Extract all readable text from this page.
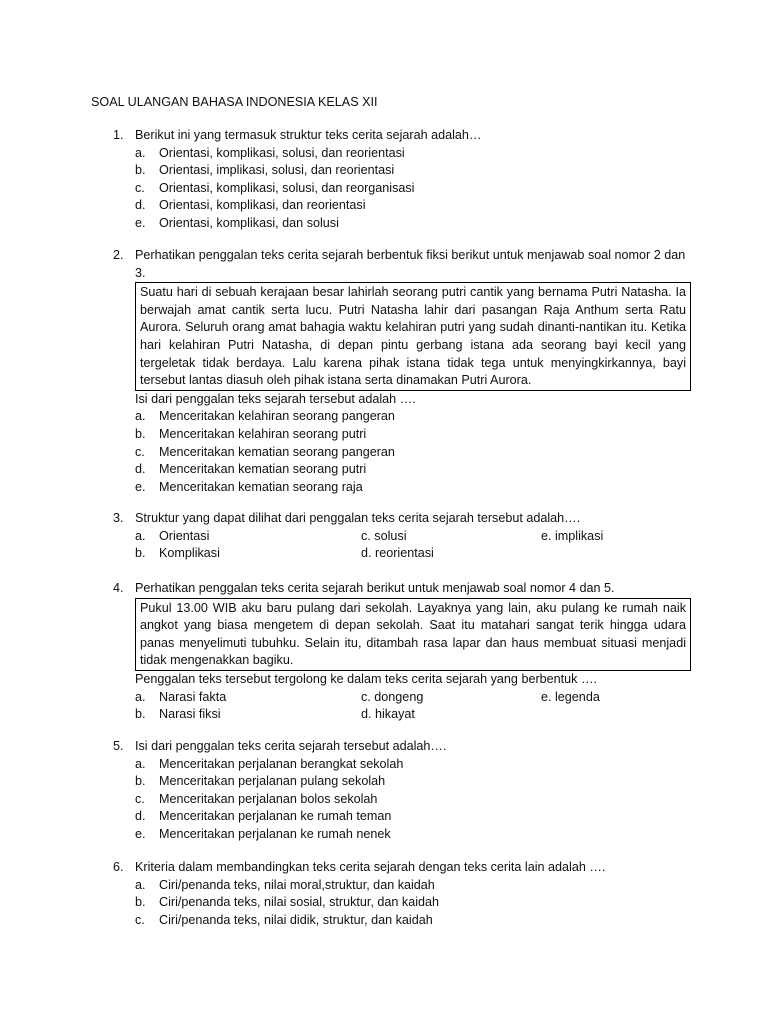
SOAL ULANGAN BAHASA INDONESIA KELAS XII
1. Berikut ini yang termasuk struktur teks cerita sejarah adalah…
a. Orientasi, komplikasi, solusi, dan reorientasi
b. Orientasi, implikasi, solusi, dan reorientasi
c. Orientasi, komplikasi, solusi, dan reorganisasi
d. Orientasi, komplikasi, dan reorientasi
e. Orientasi, komplikasi, dan solusi
2. Perhatikan penggalan teks cerita sejarah berbentuk fiksi berikut untuk menjawab soal nomor 2 dan 3.
Suatu hari di sebuah kerajaan besar lahirlah seorang putri cantik yang bernama Putri Natasha. Ia berwajah amat cantik serta lucu. Putri Natasha lahir dari pasangan Raja Anthum serta Ratu Aurora. Seluruh orang amat bahagia waktu kelahiran putri yang sudah dinanti-nantikan itu. Ketika hari kelahiran Putri Natasha, di depan pintu gerbang istana ada seorang bayi kecil yang tergeletak tidak berdaya. Lalu karena pihak istana tidak tega untuk menyingkirkannya, bayi tersebut lantas diasuh oleh pihak istana serta dinamakan Putri Aurora.
Isi dari penggalan teks sejarah tersebut adalah ….
a. Menceritakan kelahiran seorang pangeran
b. Menceritakan kelahiran seorang putri
c. Menceritakan kematian seorang pangeran
d. Menceritakan kematian seorang putri
e. Menceritakan kematian seorang raja
3. Struktur yang dapat dilihat dari penggalan teks cerita sejarah tersebut adalah….
a. Orientasi	c. solusi	e. implikasi
b. Komplikasi	d. reorientasi
4. Perhatikan penggalan teks cerita sejarah berikut untuk menjawab soal nomor 4 dan 5.
Pukul 13.00 WIB aku baru pulang dari sekolah. Layaknya yang lain, aku pulang ke rumah naik angkot yang biasa mengetem di depan sekolah. Saat itu matahari sangat terik hingga udara panas menyelimuti tubuhku. Selain itu, ditambah rasa lapar dan haus membuat situasi menjadi tidak mengenakkan bagiku.
Penggalan teks tersebut tergolong ke dalam teks cerita sejarah yang berbentuk ….
a. Narasi fakta	c. dongeng	e. legenda
b. Narasi fiksi	d. hikayat
5. Isi dari penggalan teks cerita sejarah tersebut adalah….
a. Menceritakan perjalanan berangkat sekolah
b. Menceritakan perjalanan pulang sekolah
c. Menceritakan perjalanan bolos sekolah
d. Menceritakan perjalanan ke rumah teman
e. Menceritakan perjalanan ke rumah nenek
6. Kriteria dalam membandingkan teks cerita sejarah dengan teks cerita lain adalah ….
a. Ciri/penanda teks, nilai moral,struktur, dan kaidah
b. Ciri/penanda teks, nilai sosial, struktur, dan kaidah
c. Ciri/penanda teks, nilai didik, struktur, dan kaidah
